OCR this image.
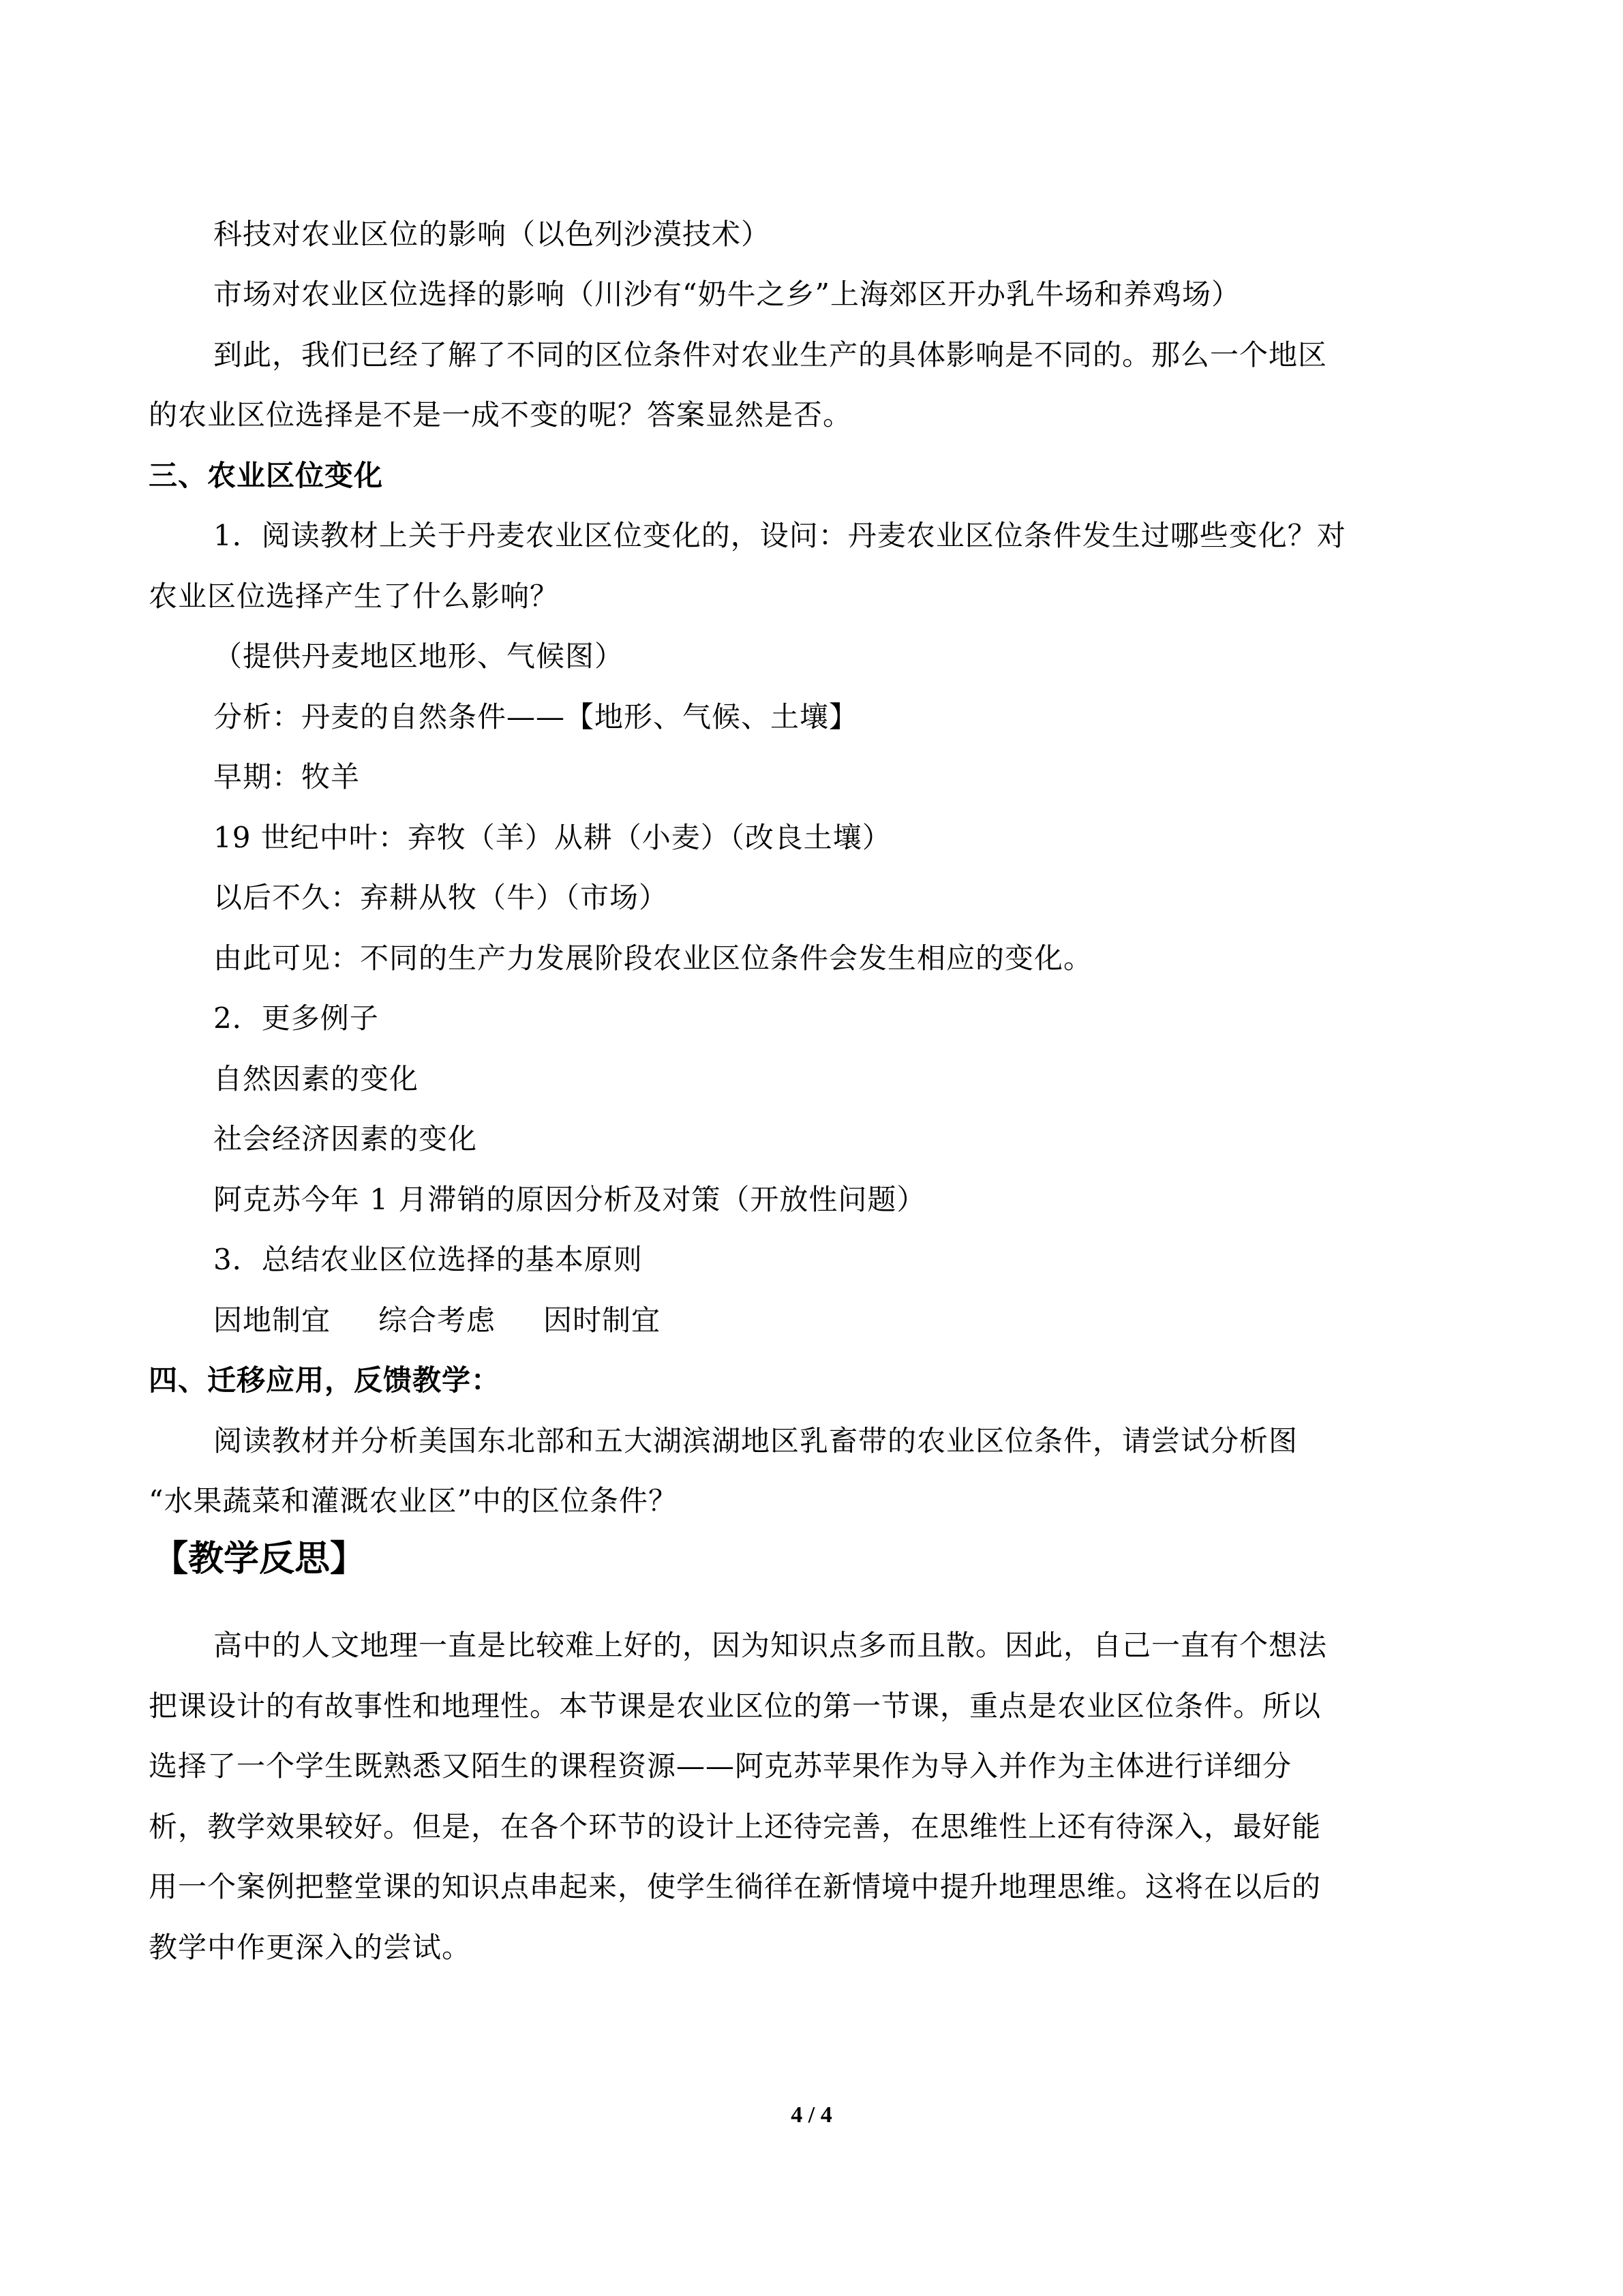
科技对农业区位的影响（以色列沙漠技术）
市场对农业区位选择的影响（川沙有“奶牛之乡”上海郊区开办乳牛场和养鸡场）
到此，我们已经了解了不同的区位条件对农业生产的具体影响是不同的。那么一个地区
的农业区位选择是不是一成不变的呢？答案显然是否。
三、农业区位变化
1．阅读教材上关于丹麦农业区位变化的，设问：丹麦农业区位条件发生过哪些变化？对
农业区位选择产生了什么影响？
（提供丹麦地区地形、气候图）
分析：丹麦的自然条件——【地形、气候、土壤】
早期：牧羊
19 世纪中叶：弃牧（羊）从耕（小麦）（改良土壤）
以后不久：弃耕从牧（牛）（市场）
由此可见：不同的生产力发展阶段农业区位条件会发生相应的变化。
2．更多例子
自然因素的变化
社会经济因素的变化
阿克苏今年 1 月滞销的原因分析及对策（开放性问题）
3．总结农业区位选择的基本原则
因地制宜 综合考虑 因时制宜
四、迁移应用，反馈教学：
阅读教材并分析美国东北部和五大湖滨湖地区乳畜带的农业区位条件，请尝试分析图
“水果蔬菜和灌溉农业区”中的区位条件？
【教学反思】
高中的人文地理一直是比较难上好的，因为知识点多而且散。因此，自己一直有个想法
把课设计的有故事性和地理性。本节课是农业区位的第一节课，重点是农业区位条件。所以
选择了一个学生既熟悉又陌生的课程资源——阿克苏苹果作为导入并作为主体进行详细分
析，教学效果较好。但是，在各个环节的设计上还待完善，在思维性上还有待深入，最好能
用一个案例把整堂课的知识点串起来，使学生徜徉在新情境中提升地理思维。这将在以后的
教学中作更深入的尝试。
4 / 4
